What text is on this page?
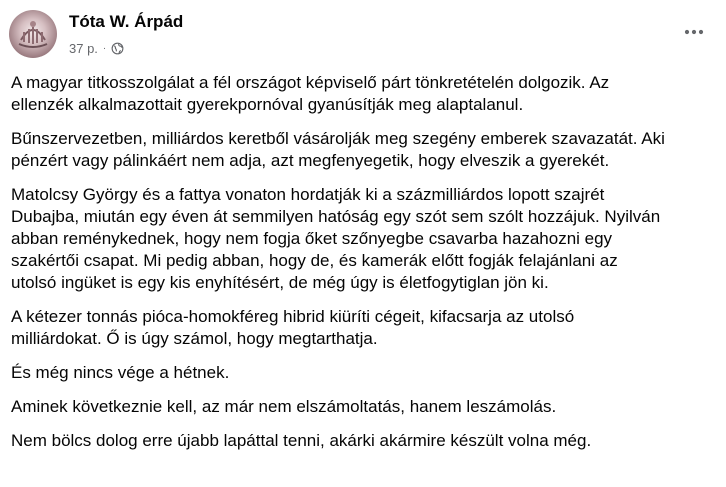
Tóta W. Árpád
37 p. ·

A magyar titkosszolgálat a fél országot képviselő párt tönkretételén dolgozik. Az
ellenzék alkalmazottait gyerekpornóval gyanúsítják meg alaptalanul.

Bűnszervezetben, milliárdos keretből vásárolják meg szegény emberek szavazatát. Aki
pénzért vagy pálinkáért nem adja, azt megfenyegetik, hogy elveszik a gyerekét.

Matolcsy György és a fattya vonaton hordatják ki a százmilliárdos lopott szajrét
Dubajba, miután egy éven át semmilyen hatóság egy szót sem szólt hozzájuk. Nyilván
abban reménykednek, hogy nem fogja őket szőnyegbe csavarba hazahozni egy
szakértői csapat. Mi pedig abban, hogy de, és kamerák előtt fogják felajánlani az
utolsó ingüket is egy kis enyhítésért, de még úgy is életfogytiglan jön ki.

A kétezer tonnás pióca-homokféreg hibrid kiüríti cégeit, kifacsarja az utolsó
milliárdokat. Ő is úgy számol, hogy megtarthatja.

És még nincs vége a hétnek.

Aminek következnie kell, az már nem elszámoltatás, hanem leszámolás.

Nem bölcs dolog erre újabb lapáttal tenni, akárki akármire készült volna még.
